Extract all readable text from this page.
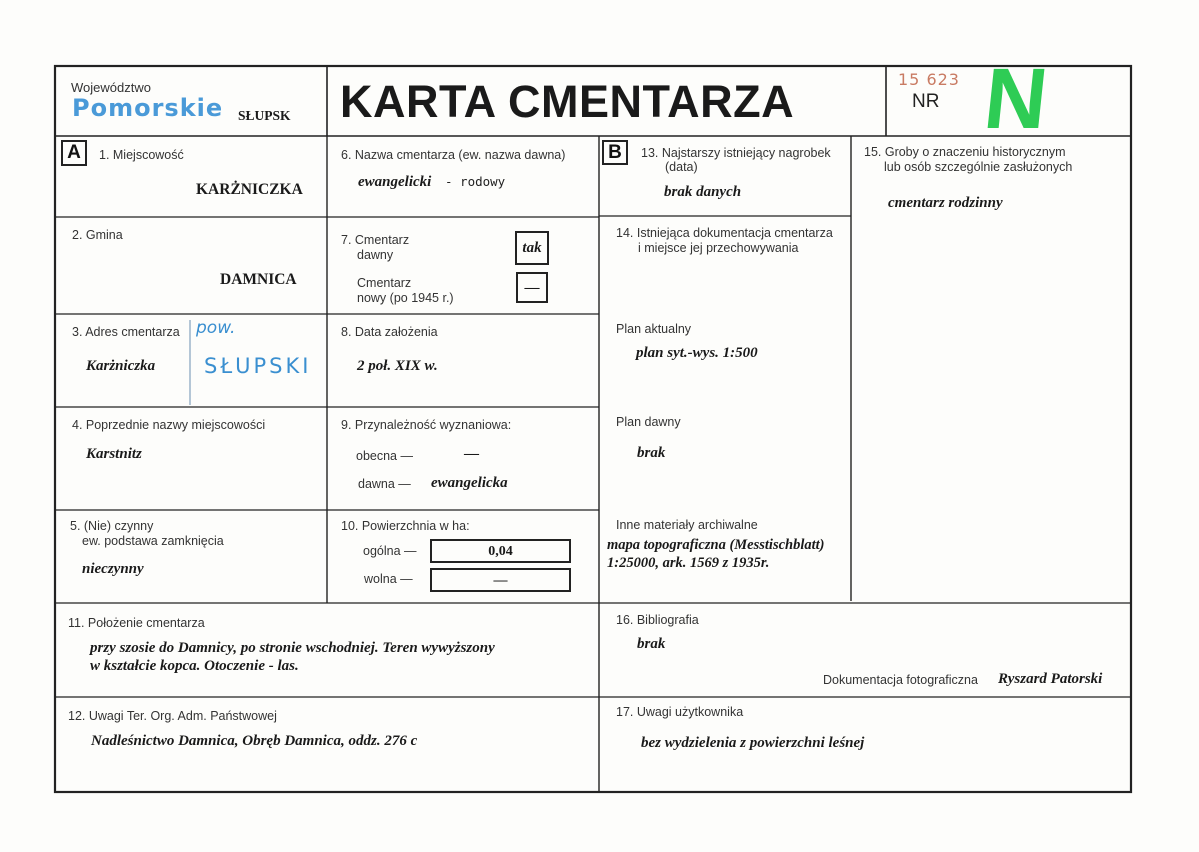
Województwo
Pomorskie SŁUPSK KARTA CMENTARZA	15 623
NR N
A	1. Miejscowość
KARŻNICZKA
2. Gmina
DAMNICA
3. Adres cmentarza pow.
Karżniczka SŁUPSKI
4. Poprzednie nazwy miejscowości
Karstnitz
5. (Nie) czynny
ew. podstawa zamknięcia
nieczynny
6. Nazwa cmentarza (ew. nazwa dawna)
ewangelicki - rodowy
7. Cmentarz
dawny	tak
Cmentarz
nowy (po 1945 r.)
—
8. Data założenia
2 poł. XIX w.
9. Przynależność wyznaniowa:
obecna —	—
dawna — ewangelicka
10. Powierzchnia w ha:
ogólna —	0,04
wolna —	—
B	13. Najstarszy istniejący nagrobek
(data)
brak danych
14. Istniejąca dokumentacja cmentarza
i miejsce jej przechowywania
Plan aktualny
plan syt.-wys. 1:500
Plan dawny
brak
Inne materiały archiwalne
mapa topograficzna (Messtischblatt)
1:25000, ark. 1569 z 1935r.
15. Groby o znaczeniu historycznym
lub osób szczególnie zasłużonych
cmentarz rodzinny
11. Położenie cmentarza
przy szosie do Damnicy, po stronie wschodniej. Teren wywyższony
w kształcie kopca. Otoczenie - las.
16. Bibliografia
brak
Dokumentacja fotograficzna Ryszard Patorski
12. Uwagi Ter. Org. Adm. Państwowej
Nadleśnictwo Damnica, Obręb Damnica, oddz. 276 c
17. Uwagi użytkownika
bez wydzielenia z powierzchni leśnej
